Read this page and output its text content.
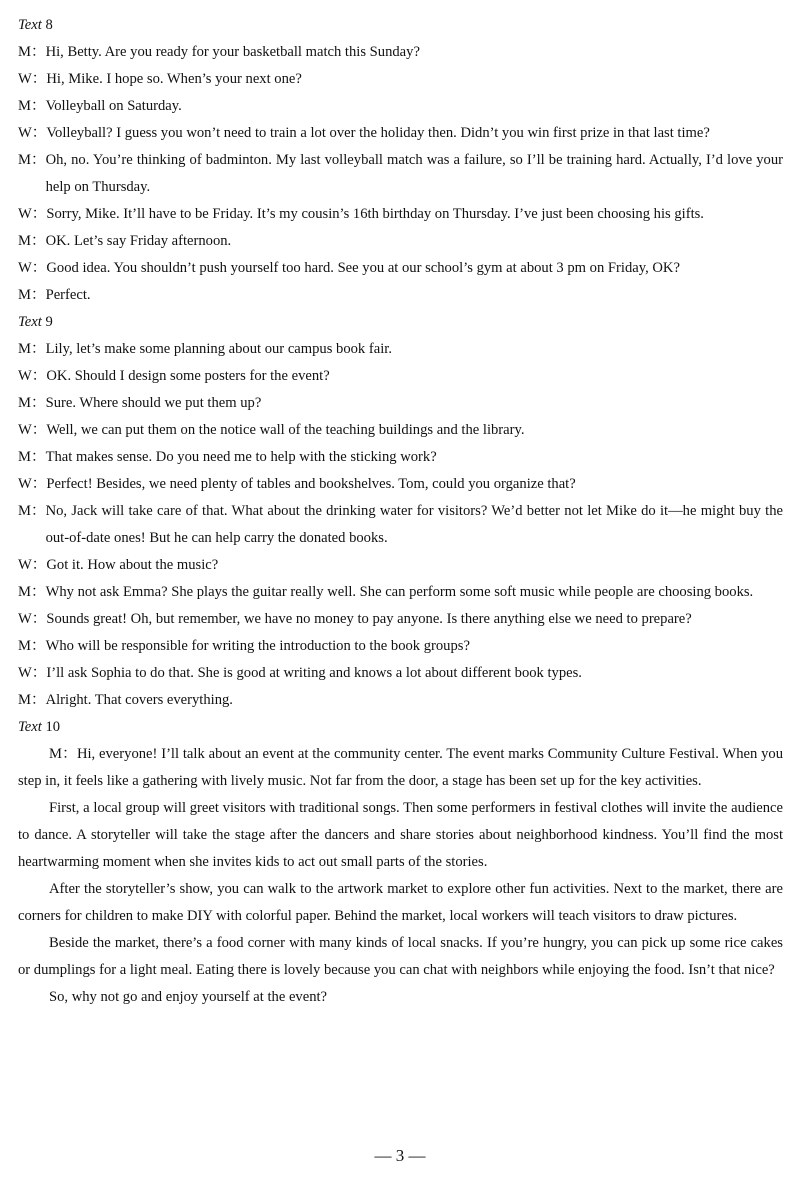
Text 8
M： Hi, Betty. Are you ready for your basketball match this Sunday?
W： Hi, Mike. I hope so. When’s your next one?
M： Volleyball on Saturday.
W： Volleyball? I guess you won’t need to train a lot over the holiday then. Didn’t you win first prize in that last time?
M： Oh, no. You’re thinking of badminton. My last volleyball match was a failure, so I’ll be training hard. Actually, I’d love your help on Thursday.
W： Sorry, Mike. It’ll have to be Friday. It’s my cousin’s 16th birthday on Thursday. I’ve just been choosing his gifts.
M： OK. Let’s say Friday afternoon.
W： Good idea. You shouldn’t push yourself too hard. See you at our school’s gym at about 3 pm on Friday, OK?
M： Perfect.
Text 9
M： Lily, let’s make some planning about our campus book fair.
W： OK. Should I design some posters for the event?
M： Sure. Where should we put them up?
W： Well, we can put them on the notice wall of the teaching buildings and the library.
M： That makes sense. Do you need me to help with the sticking work?
W： Perfect! Besides, we need plenty of tables and bookshelves. Tom, could you organize that?
M： No, Jack will take care of that. What about the drinking water for visitors? We’d better not let Mike do it—he might buy the out-of-date ones! But he can help carry the donated books.
W： Got it. How about the music?
M： Why not ask Emma? She plays the guitar really well. She can perform some soft music while people are choosing books.
W： Sounds great! Oh, but remember, we have no money to pay anyone. Is there anything else we need to prepare?
M： Who will be responsible for writing the introduction to the book groups?
W： I’ll ask Sophia to do that. She is good at writing and knows a lot about different book types.
M： Alright. That covers everything.
Text 10
M：Hi, everyone! I’ll talk about an event at the community center. The event marks Community Culture Festival. When you step in, it feels like a gathering with lively music. Not far from the door, a stage has been set up for the key activities.
First, a local group will greet visitors with traditional songs. Then some performers in festival clothes will invite the audience to dance. A storyteller will take the stage after the dancers and share stories about neighborhood kindness. You’ll find the most heartwarming moment when she invites kids to act out small parts of the stories.
After the storyteller’s show, you can walk to the artwork market to explore other fun activities. Next to the market, there are corners for children to make DIY with colorful paper. Behind the market, local workers will teach visitors to draw pictures.
Beside the market, there’s a food corner with many kinds of local snacks. If you’re hungry, you can pick up some rice cakes or dumplings for a light meal. Eating there is lovely because you can chat with neighbors while enjoying the food. Isn’t that nice?
So, why not go and enjoy yourself at the event?
— 3 —
